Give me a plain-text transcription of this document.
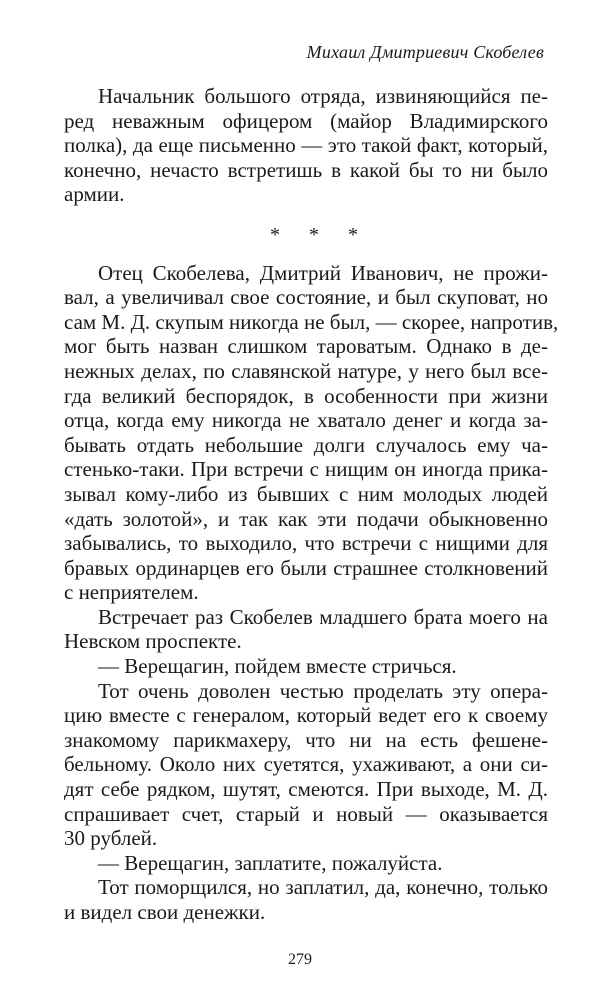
Михаил Дмитриевич Скобелев
Начальник большого отряда, извиняющийся пе-
ред неважным офицером (майор Владимирского
полка), да еще письменно — это такой факт, который,
конечно, нечасто встретишь в какой бы то ни было
армии.
* * *
Отец Скобелева, Дмитрий Иванович, не прожи-
вал, а увеличивал свое состояние, и был скуповат, но
сам М. Д. скупым никогда не был, — скорее, напротив,
мог быть назван слишком тароватым. Однако в де-
нежных делах, по славянской натуре, у него был все-
гда великий беспорядок, в особенности при жизни
отца, когда ему никогда не хватало денег и когда за-
бывать отдать небольшие долги случалось ему ча-
стенько-таки. При встречи с нищим он иногда прика-
зывал кому-либо из бывших с ним молодых людей
«дать золотой», и так как эти подачи обыкновенно
забывались, то выходило, что встречи с нищими для
бравых ординарцев его были страшнее столкновений
с неприятелем.
Встречает раз Скобелев младшего брата моего на
Невском проспекте.
— Верещагин, пойдем вместе стричься.
Тот очень доволен честью проделать эту опера-
цию вместе с генералом, который ведет его к своему
знакомому парикмахеру, что ни на есть фешене-
бельному. Около них суетятся, ухаживают, а они си-
дят себе рядком, шутят, смеются. При выходе, М. Д.
спрашивает счет, старый и новый — оказывается
30 рублей.
— Верещагин, заплатите, пожалуйста.
Тот поморщился, но заплатил, да, конечно, только
и видел свои денежки.
279
